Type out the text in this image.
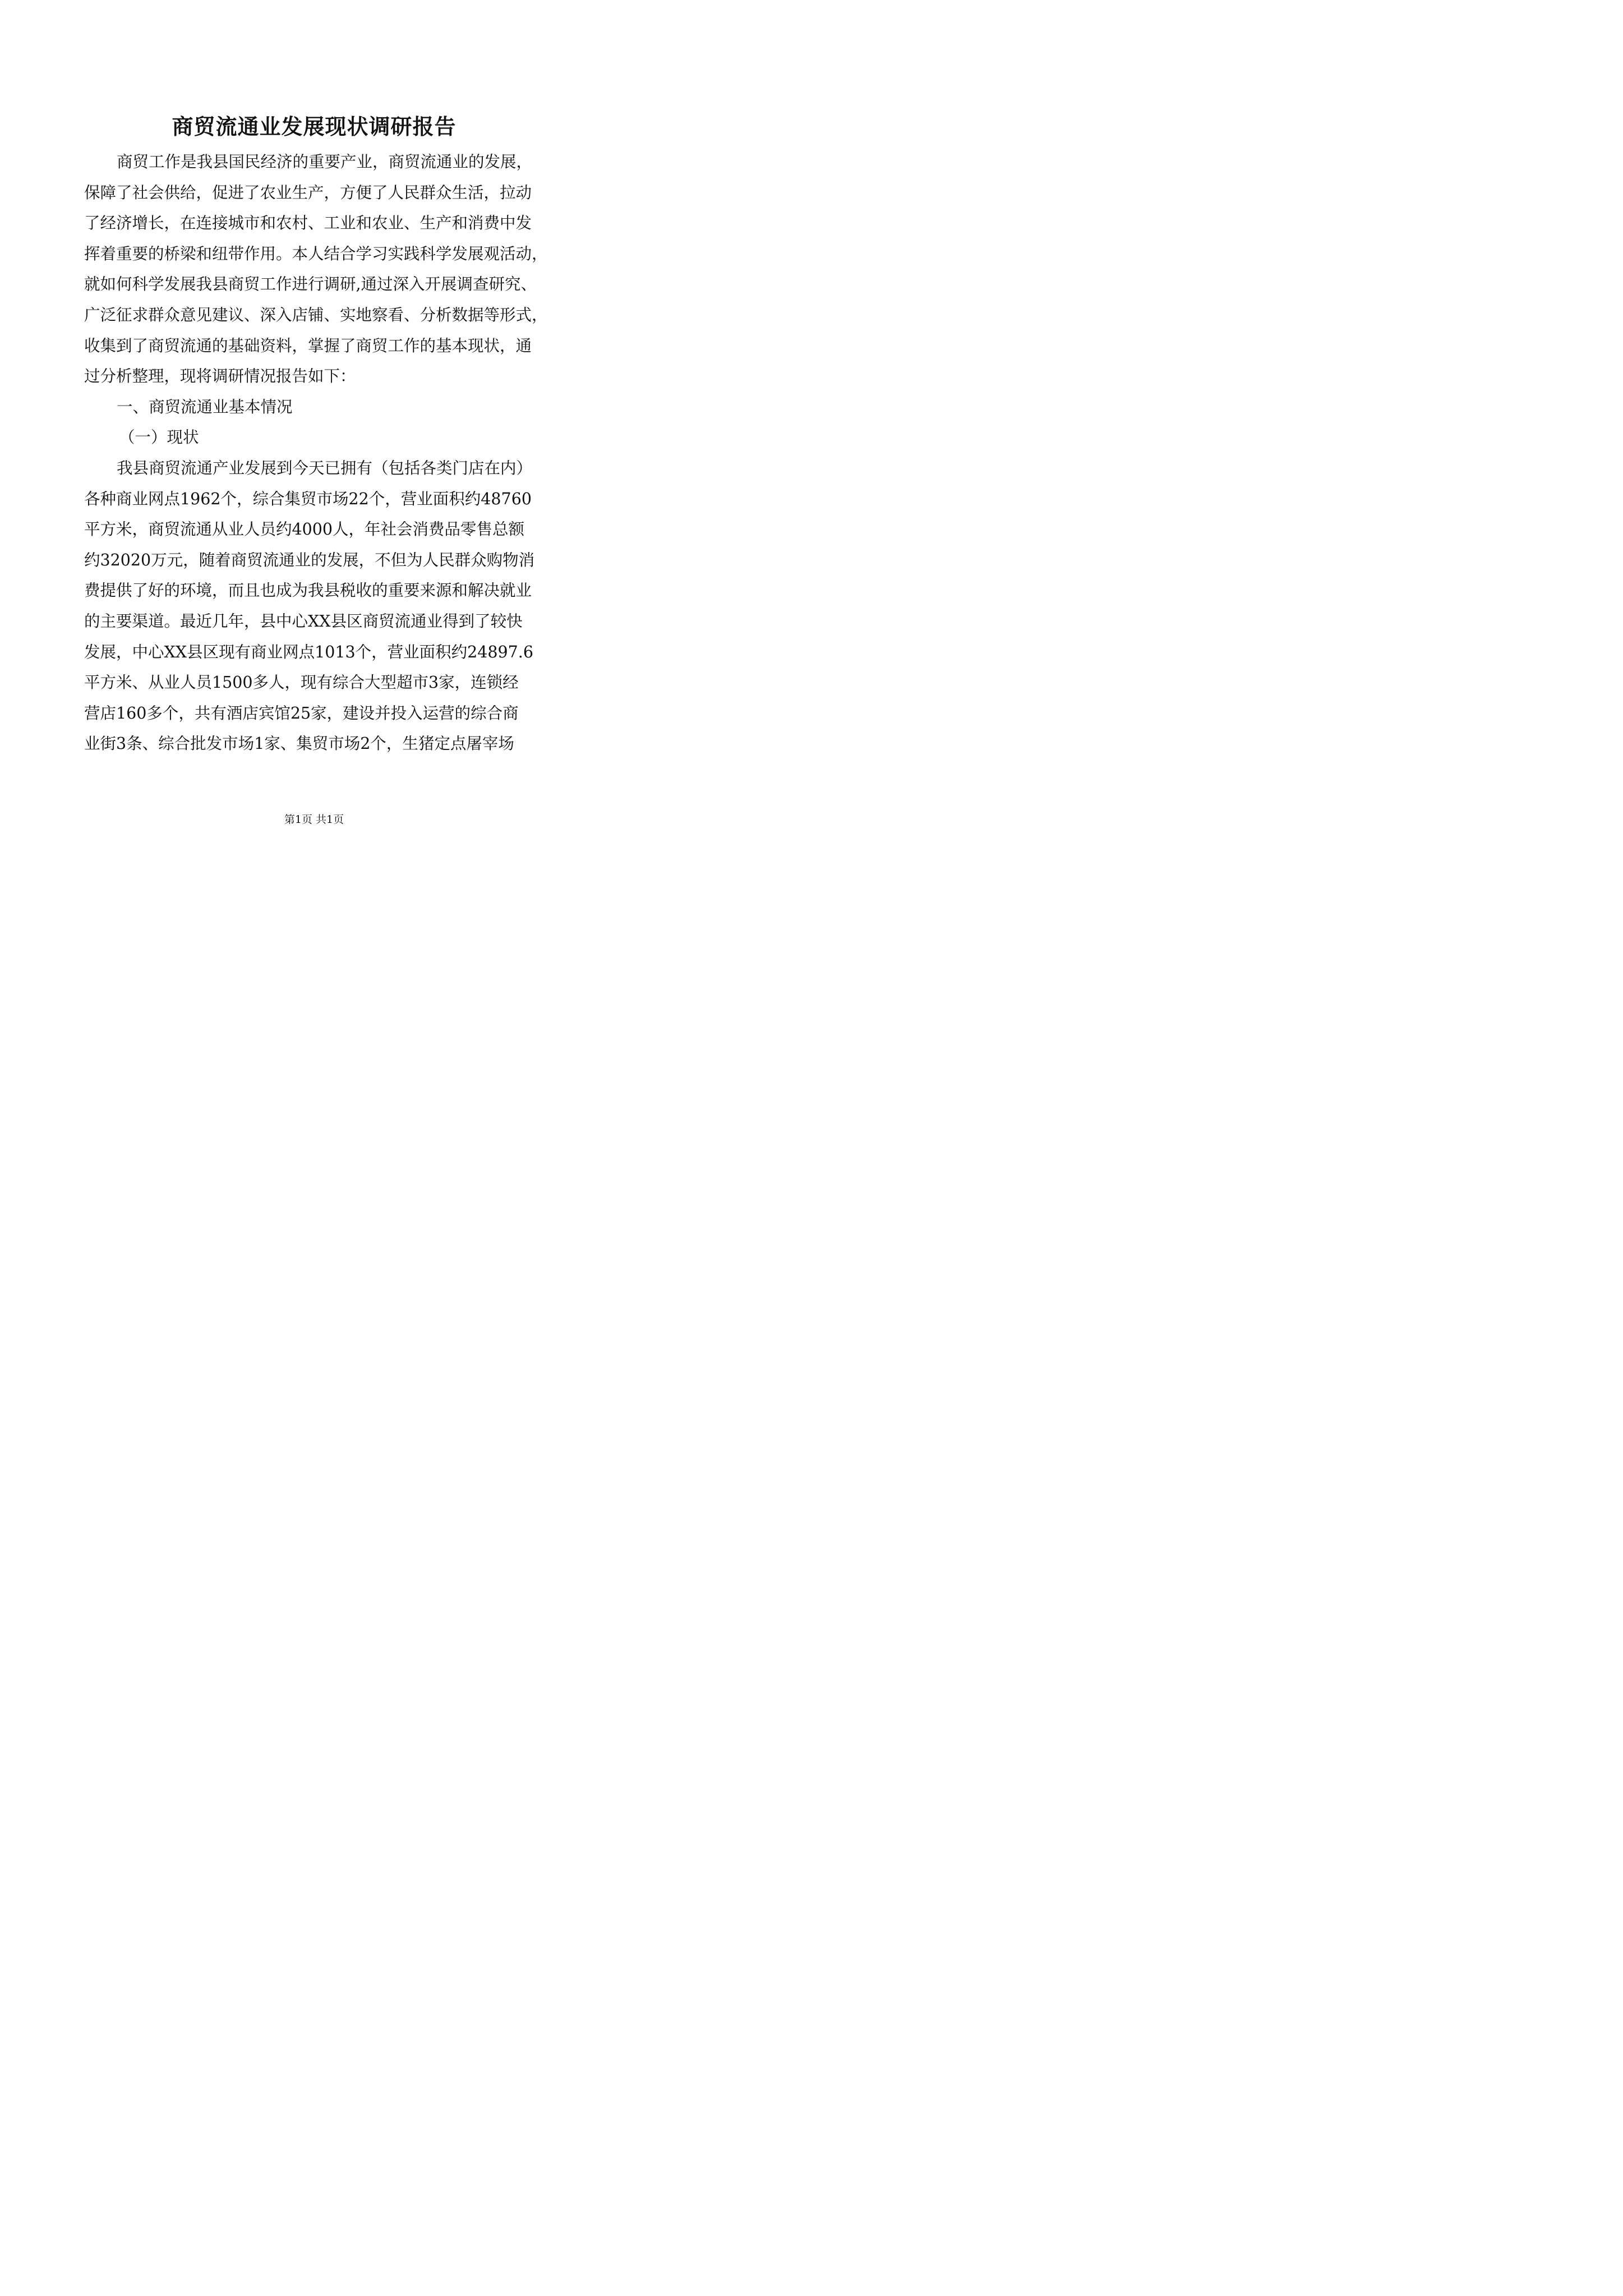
商贸流通业发展现状调研报告
商贸工作是我县国民经济的重要产业，商贸流通业的发展，
保障了社会供给，促进了农业生产，方便了人民群众生活，拉动
了经济增长，在连接城市和农村、工业和农业、生产和消费中发
挥着重要的桥梁和纽带作用。本人结合学习实践科学发展观活动，
就如何科学发展我县商贸工作进行调研,通过深入开展调查研究、
广泛征求群众意见建议、深入店铺、实地察看、分析数据等形式，
收集到了商贸流通的基础资料，掌握了商贸工作的基本现状，通
过分析整理，现将调研情况报告如下：
一、商贸流通业基本情况
（一）现状
我县商贸流通产业发展到今天已拥有（包括各类门店在内）
各种商业网点1962个，综合集贸市场22个，营业面积约48760
平方米，商贸流通从业人员约4000人，年社会消费品零售总额
约32020万元，随着商贸流通业的发展，不但为人民群众购物消
费提供了好的环境，而且也成为我县税收的重要来源和解决就业
的主要渠道。最近几年，县中心XX县区商贸流通业得到了较快
发展，中心XX县区现有商业网点1013个，营业面积约24897.6
平方米、从业人员1500多人，现有综合大型超市3家，连锁经
营店160多个，共有酒店宾馆25家，建设并投入运营的综合商
业街3条、综合批发市场1家、集贸市场2个，生猪定点屠宰场
第1页 共1页
